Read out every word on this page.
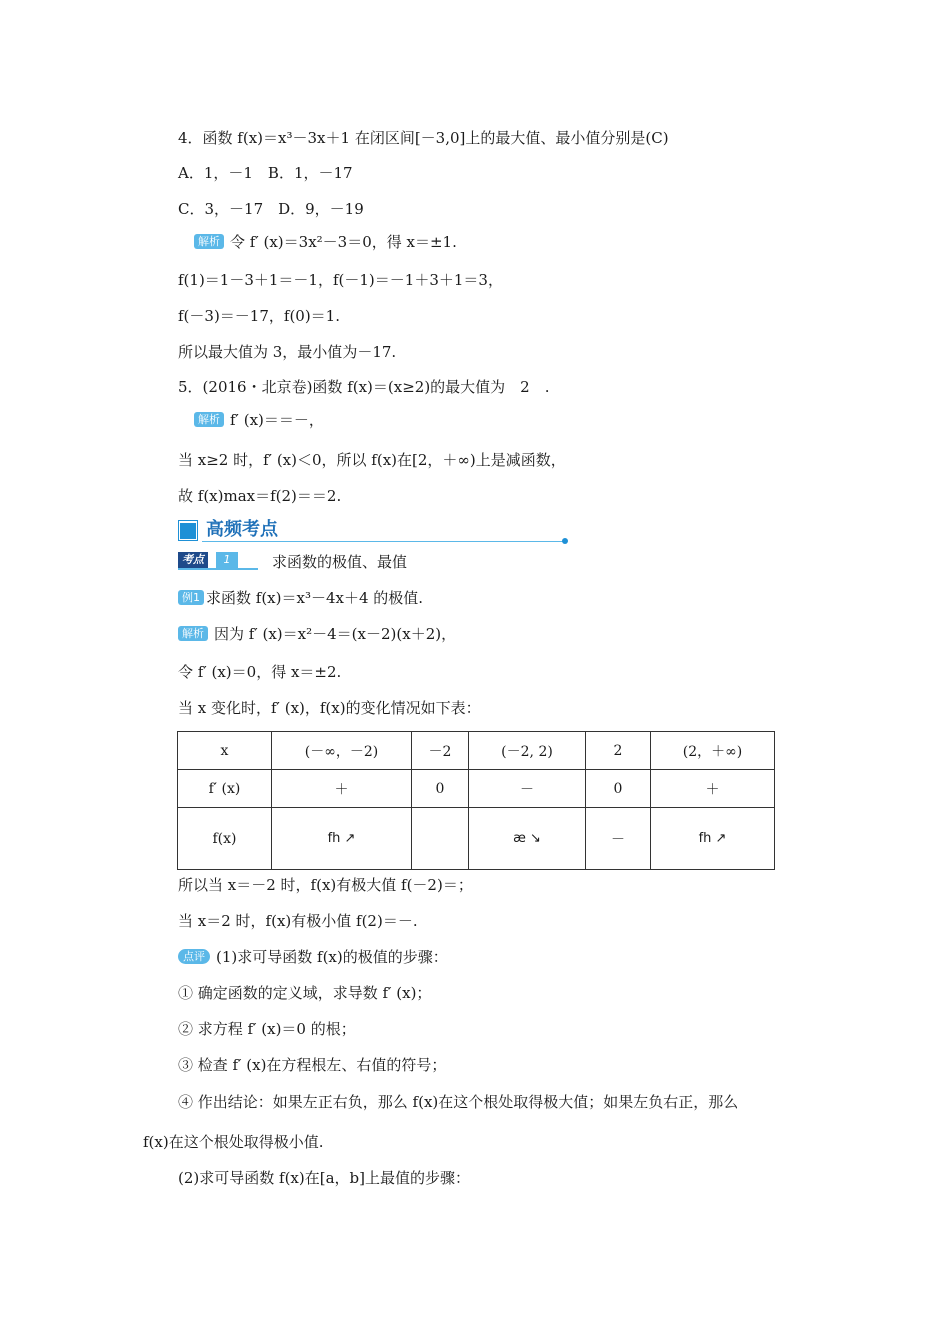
4．函数 f(x)＝x³－3x＋1 在闭区间[－3,0]上的最大值、最小值分别是(C)
A．1，－1　B．1，－17
C．3，－17　D．9，－19
解析 令 f′ (x)＝3x²－3＝0，得 x＝±1.
f(1)＝1－3＋1＝－1，f(－1)＝－1＋3＋1＝3，
f(－3)＝－17，f(0)＝1.
所以最大值为 3，最小值为－17.
5．(2016・北京卷)函数 f(x)＝(x≥2)的最大值为　2　.
解析 f′ (x)＝＝－，
当 x≥2 时，f′ (x)＜0，所以 f(x)在[2，＋∞)上是减函数，
故 f(x)max＝f(2)＝＝2.
高频考点
考点	1	求函数的极值、最值
例1 求函数 f(x)＝x³－4x＋4 的极值.
解析 因为 f′ (x)＝x²－4＝(x－2)(x＋2)，
令 f′ (x)＝0，得 x＝±2.
当 x 变化时，f′ (x)，f(x)的变化情况如下表：
x	(－∞，－2)	－2	(－2, 2)	2	(2，＋∞)
f′ (x)	＋	0	－	0	＋
f(x)	fh ↗		æ ↘	－	fh ↗
所以当 x＝－2 时，f(x)有极大值 f(－2)＝；
当 x＝2 时，f(x)有极小值 f(2)＝－.
点评 (1)求可导函数 f(x)的极值的步骤：
① 确定函数的定义域，求导数 f′ (x)；
② 求方程 f′ (x)＝0 的根；
③ 检查 f′ (x)在方程根左、右值的符号；
④ 作出结论：如果左正右负，那么 f(x)在这个根处取得极大值；如果左负右正，那么
f(x)在这个根处取得极小值.
(2)求可导函数 f(x)在[a，b]上最值的步骤：
